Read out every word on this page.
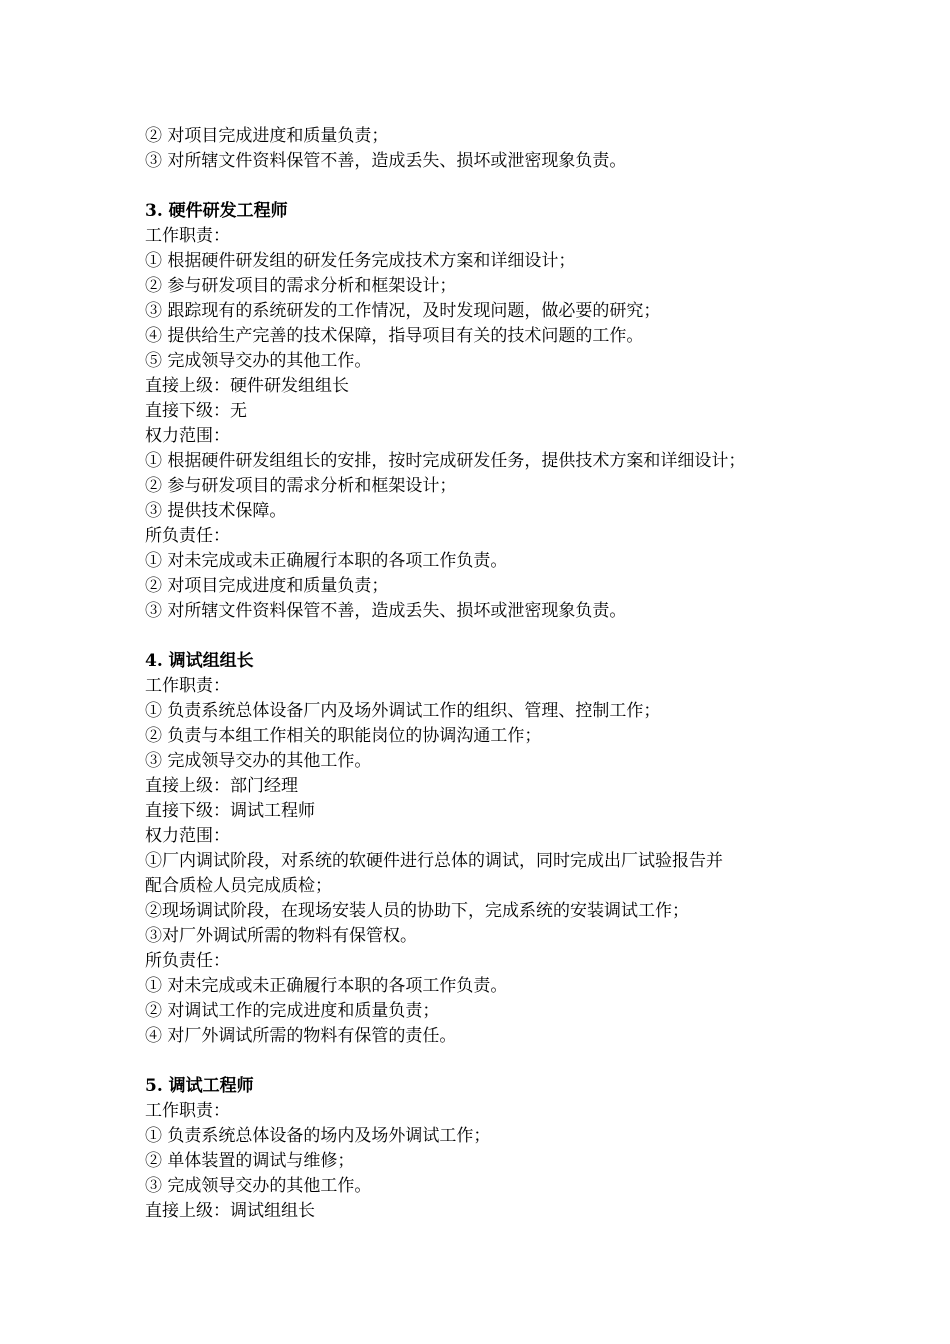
② 对项目完成进度和质量负责；

③ 对所辖文件资料保管不善，造成丢失、损坏或泄密现象负责。

3. 硬件研发工程师

工作职责：

① 根据硬件研发组的研发任务完成技术方案和详细设计；

② 参与研发项目的需求分析和框架设计；

③ 跟踪现有的系统研发的工作情况，及时发现问题，做必要的研究；

④ 提供给生产完善的技术保障，指导项目有关的技术问题的工作。

⑤ 完成领导交办的其他工作。

直接上级：硬件研发组组长

直接下级：无

权力范围：

① 根据硬件研发组组长的安排，按时完成研发任务，提供技术方案和详细设计；

② 参与研发项目的需求分析和框架设计；

③ 提供技术保障。

所负责任：

① 对未完成或未正确履行本职的各项工作负责。

② 对项目完成进度和质量负责；

③ 对所辖文件资料保管不善，造成丢失、损坏或泄密现象负责。

4. 调试组组长

工作职责：

① 负责系统总体设备厂内及场外调试工作的组织、管理、控制工作；

② 负责与本组工作相关的职能岗位的协调沟通工作；

③ 完成领导交办的其他工作。

直接上级：部门经理

直接下级：调试工程师

权力范围：

①厂内调试阶段，对系统的软硬件进行总体的调试，同时完成出厂试验报告并

配合质检人员完成质检；

②现场调试阶段，在现场安装人员的协助下，完成系统的安装调试工作；

③对厂外调试所需的物料有保管权。

所负责任：

① 对未完成或未正确履行本职的各项工作负责。

② 对调试工作的完成进度和质量负责；

④ 对厂外调试所需的物料有保管的责任。

5. 调试工程师

工作职责：

① 负责系统总体设备的场内及场外调试工作；

② 单体装置的调试与维修；

③ 完成领导交办的其他工作。

直接上级：调试组组长
